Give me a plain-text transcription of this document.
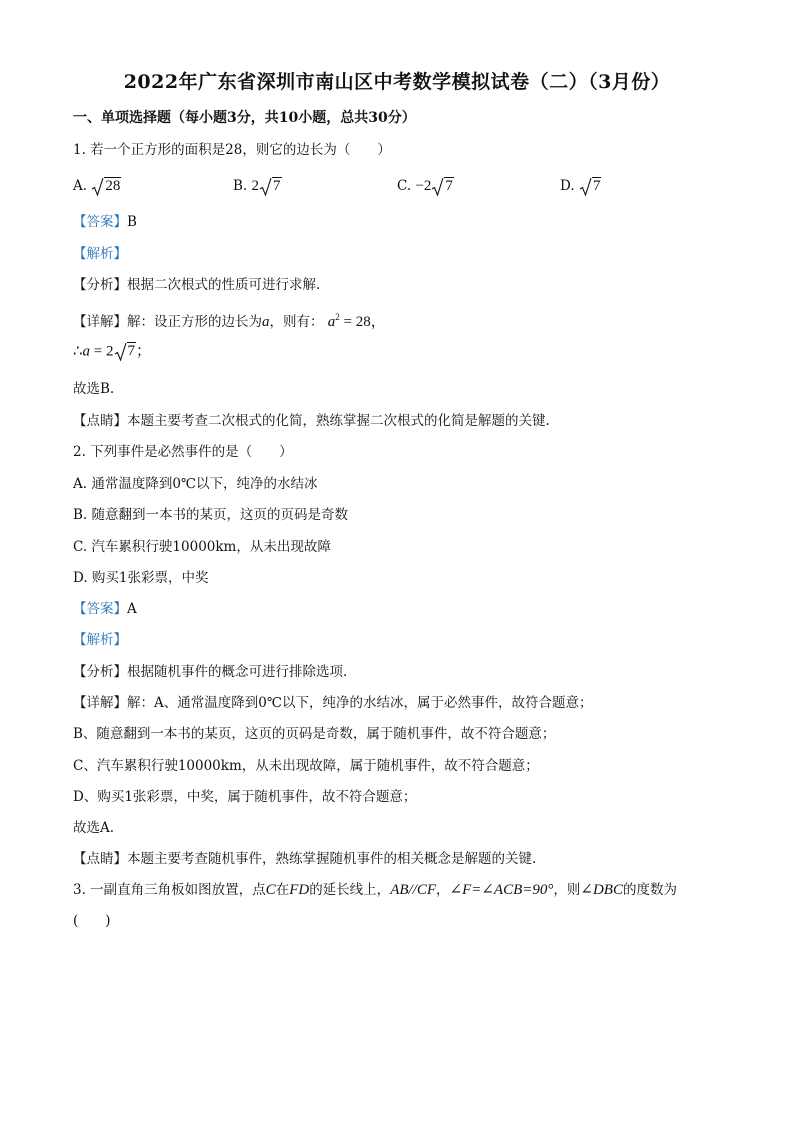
2022年广东省深圳市南山区中考数学模拟试卷（二）（3月份）
一、单项选择题（每小题3分，共10小题，总共30分）
1. 若一个正方形的面积是28，则它的边长为（　　）
A. 28	B. 2 7	C. −2 7	D. 7
【答案】B
【解析】
【分析】根据二次根式的性质可进行求解.
【详解】解：设正方形的边长为a，则有： $a^2 = 28$，
∴a = 2 7；
故选B.
【点睛】本题主要考查二次根式的化简，熟练掌握二次根式的化简是解题的关键.
2. 下列事件是必然事件的是（　　）
A. 通常温度降到0℃以下，纯净的水结冰
B. 随意翻到一本书的某页，这页的页码是奇数
C. 汽车累积行驶10000km，从未出现故障
D. 购买1张彩票，中奖
【答案】A
【解析】
【分析】根据随机事件的概念可进行排除选项.
【详解】解：A、通常温度降到0℃以下，纯净的水结冰，属于必然事件，故符合题意；
B、随意翻到一本书的某页，这页的页码是奇数，属于随机事件，故不符合题意；
C、汽车累积行驶10000km，从未出现故障，属于随机事件，故不符合题意；
D、购买1张彩票，中奖，属于随机事件，故不符合题意；
故选A.
【点睛】本题主要考查随机事件，熟练掌握随机事件的相关概念是解题的关键.
3. 一副直角三角板如图放置，点C在FD的延长线上，AB//CF，∠F=∠ACB=90°，则∠DBC的度数为
(　　)
